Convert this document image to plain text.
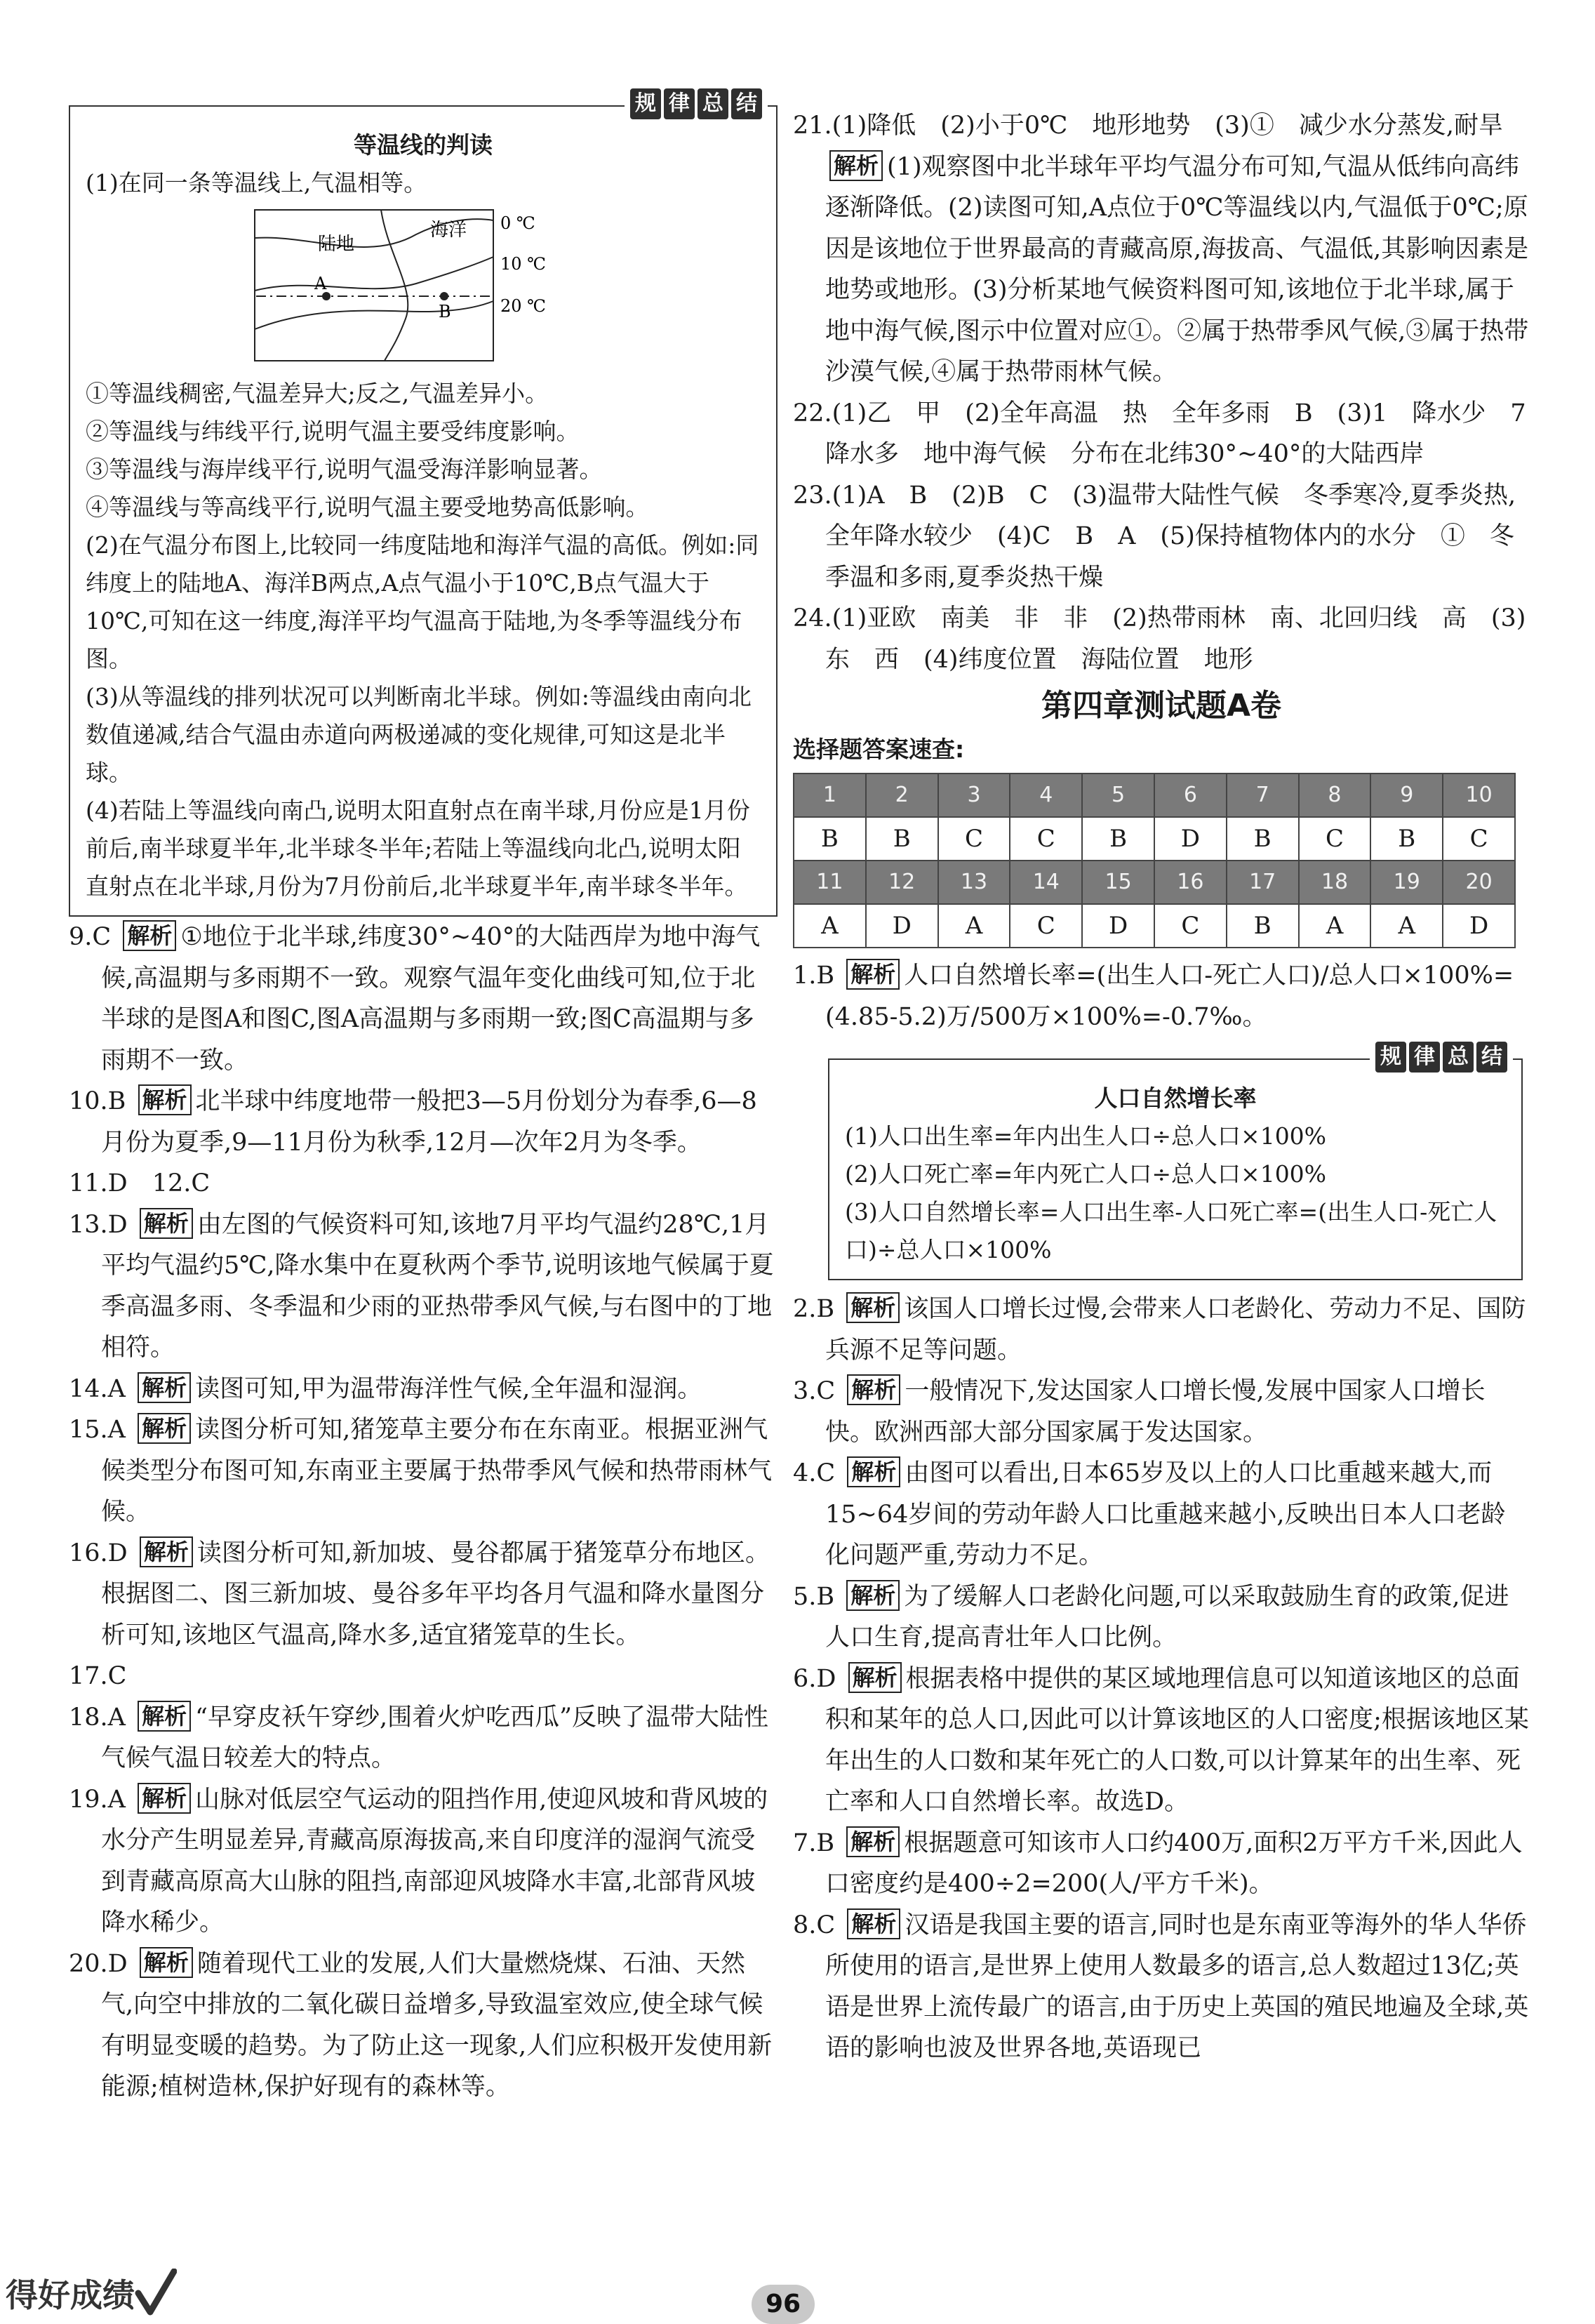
规 律 总 结
等温线的判读
(1)在同一条等温线上,气温相等。
陆地
海洋
A
B
0 ℃
10 ℃
20 ℃
①等温线稠密,气温差异大;反之,气温差异小。
②等温线与纬线平行,说明气温主要受纬度影响。
③等温线与海岸线平行,说明气温受海洋影响显著。
④等温线与等高线平行,说明气温主要受地势高低影响。
(2)在气温分布图上,比较同一纬度陆地和海洋气温的高低。例如:同纬度上的陆地A、海洋B两点,A点气温小于10℃,B点气温大于10℃,可知在这一纬度,海洋平均气温高于陆地,为冬季等温线分布图。
(3)从等温线的排列状况可以判断南北半球。例如:等温线由南向北数值递减,结合气温由赤道向两极递减的变化规律,可知这是北半球。
(4)若陆上等温线向南凸,说明太阳直射点在南半球,月份应是1月份前后,南半球夏半年,北半球冬半年;若陆上等温线向北凸,说明太阳直射点在北半球,月份为7月份前后,北半球夏半年,南半球冬半年。

9.C 解析 ①地位于北半球,纬度30°~40°的大陆西岸为地中海气候,高温期与多雨期不一致。观察气温年变化曲线可知,位于北半球的是图A和图C,图A高温期与多雨期一致;图C高温期与多雨期不一致。

10.B 解析 北半球中纬度地带一般把3—5月份划分为春季,6—8月份为夏季,9—11月份为秋季,12月—次年2月为冬季。

11.D　12.C

13.D 解析 由左图的气候资料可知,该地7月平均气温约28℃,1月平均气温约5℃,降水集中在夏秋两个季节,说明该地气候属于夏季高温多雨、冬季温和少雨的亚热带季风气候,与右图中的丁地相符。

14.A 解析 读图可知,甲为温带海洋性气候,全年温和湿润。

15.A 解析 读图分析可知,猪笼草主要分布在东南亚。根据亚洲气候类型分布图可知,东南亚主要属于热带季风气候和热带雨林气候。

16.D 解析 读图分析可知,新加坡、曼谷都属于猪笼草分布地区。根据图二、图三新加坡、曼谷多年平均各月气温和降水量图分析可知,该地区气温高,降水多,适宜猪笼草的生长。

17.C

18.A 解析 “早穿皮袄午穿纱,围着火炉吃西瓜”反映了温带大陆性气候气温日较差大的特点。

19.A 解析 山脉对低层空气运动的阻挡作用,使迎风坡和背风坡的水分产生明显差异,青藏高原海拔高,来自印度洋的湿润气流受到青藏高原高大山脉的阻挡,南部迎风坡降水丰富,北部背风坡降水稀少。

20.D 解析 随着现代工业的发展,人们大量燃烧煤、石油、天然气,向空中排放的二氧化碳日益增多,导致温室效应,使全球气候有明显变暖的趋势。为了防止这一现象,人们应积极开发使用新能源;植树造林,保护好现有的森林等。

21.(1)降低　(2)小于0℃　地形地势　(3)①　减少水分蒸发,耐旱 解析 (1)观察图中北半球年平均气温分布可知,气温从低纬向高纬逐渐降低。(2)读图可知,A点位于0℃等温线以内,气温低于0℃;原因是该地位于世界最高的青藏高原,海拔高、气温低,其影响因素是地势或地形。(3)分析某地气候资料图可知,该地位于北半球,属于地中海气候,图示中位置对应①。②属于热带季风气候,③属于热带沙漠气候,④属于热带雨林气候。

22.(1)乙　甲　(2)全年高温　热　全年多雨　B　(3)1　降水少　7　降水多　地中海气候　分布在北纬30°~40°的大陆西岸

23.(1)A　B　(2)B　C　(3)温带大陆性气候　冬季寒冷,夏季炎热,全年降水较少　(4)C　B　A　(5)保持植物体内的水分　①　冬季温和多雨,夏季炎热干燥

24.(1)亚欧　南美　非　非　(2)热带雨林　南、北回归线　高　(3)东　西　(4)纬度位置　海陆位置　地形

第四章测试题A卷
选择题答案速查:
1	2	3	4	5	6	7	8	9	10
B	B	C	C	B	D	B	C	B	C
11	12	13	14	15	16	17	18	19	20
A	D	A	C	D	C	B	A	A	D

1.B 解析 人口自然增长率=(出生人口-死亡人口)/总人口×100%=(4.85-5.2)万/500万×100%=-0.7‰。

规 律 总 结
人口自然增长率
(1)人口出生率=年内出生人口÷总人口×100%
(2)人口死亡率=年内死亡人口÷总人口×100%
(3)人口自然增长率=人口出生率-人口死亡率=(出生人口-死亡人口)÷总人口×100%

2.B 解析 该国人口增长过慢,会带来人口老龄化、劳动力不足、国防兵源不足等问题。

3.C 解析 一般情况下,发达国家人口增长慢,发展中国家人口增长快。欧洲西部大部分国家属于发达国家。

4.C 解析 由图可以看出,日本65岁及以上的人口比重越来越大,而15~64岁间的劳动年龄人口比重越来越小,反映出日本人口老龄化问题严重,劳动力不足。

5.B 解析 为了缓解人口老龄化问题,可以采取鼓励生育的政策,促进人口生育,提高青壮年人口比例。

6.D 解析 根据表格中提供的某区域地理信息可以知道该地区的总面积和某年的总人口,因此可以计算该地区的人口密度;根据该地区某年出生的人口数和某年死亡的人口数,可以计算某年的出生率、死亡率和人口自然增长率。故选D。

7.B 解析 根据题意可知该市人口约400万,面积2万平方千米,因此人口密度约是400÷2=200(人/平方千米)。

8.C 解析 汉语是我国主要的语言,同时也是东南亚等海外的华人华侨所使用的语言,是世界上使用人数最多的语言,总人数超过13亿;英语是世界上流传最广的语言,由于历史上英国的殖民地遍及全球,英语的影响也波及世界各地,英语现已

得好成绩	96
